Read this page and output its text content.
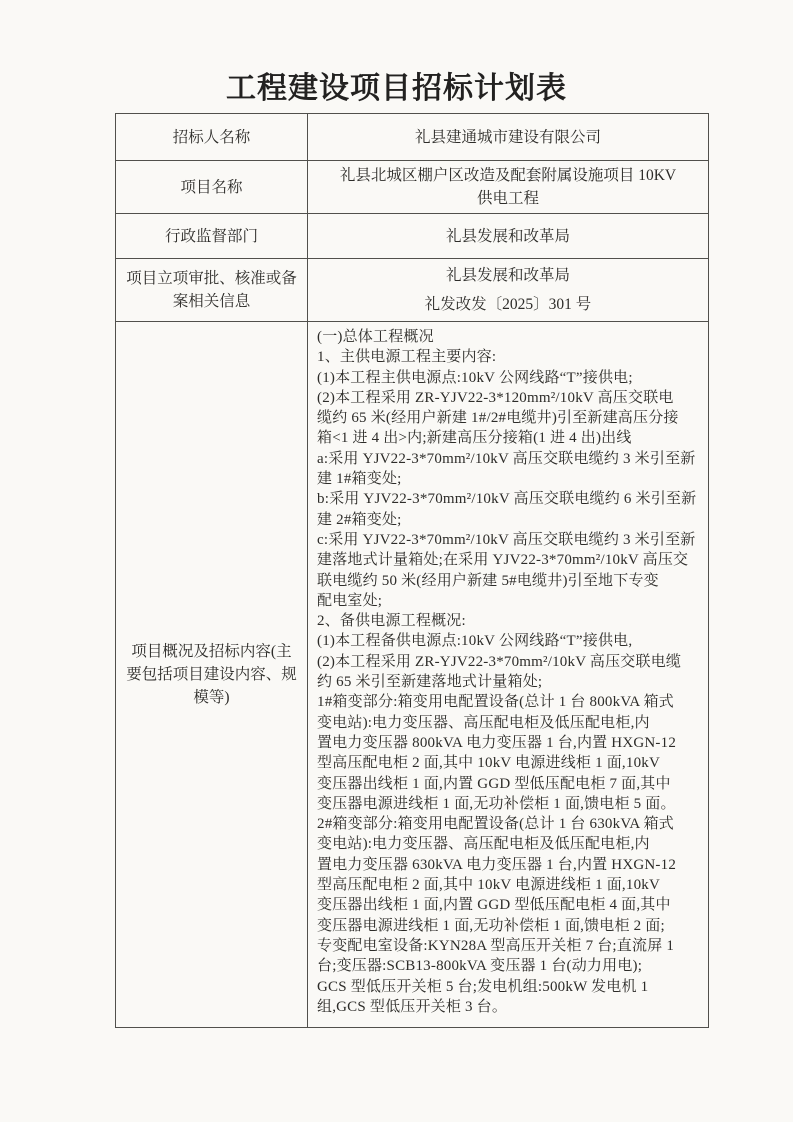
工程建设项目招标计划表
招标人名称	礼县建通城市建设有限公司
项目名称
礼县北城区棚户区改造及配套附属设施项目 10KV
供电工程
行政监督部门	礼县发展和改革局
项目立项审批、核准或备
案相关信息
礼县发展和改革局
礼发改发〔2025〕301 号
项目概况及招标内容(主
要包括项目建设内容、规
模等)
(一)总体工程概况
1、主供电源工程主要内容:
(1)本工程主供电源点:10kV 公网线路“T”接供电;
(2)本工程采用 ZR-YJV22-3*120mm²/10kV 高压交联电
缆约 65 米(经用户新建 1#/2#电缆井)引至新建高压分接
箱<1 进 4 出>内;新建高压分接箱(1 进 4 出)出线
a:采用 YJV22-3*70mm²/10kV 高压交联电缆约 3 米引至新
建 1#箱变处;
b:采用 YJV22-3*70mm²/10kV 高压交联电缆约 6 米引至新
建 2#箱变处;
c:采用 YJV22-3*70mm²/10kV 高压交联电缆约 3 米引至新
建落地式计量箱处;在采用 YJV22-3*70mm²/10kV 高压交
联电缆约 50 米(经用户新建 5#电缆井)引至地下专变
配电室处;
2、备供电源工程概况:
(1)本工程备供电源点:10kV 公网线路“T”接供电,
(2)本工程采用 ZR-YJV22-3*70mm²/10kV 高压交联电缆
约 65 米引至新建落地式计量箱处;
1#箱变部分:箱变用电配置设备(总计 1 台 800kVA 箱式
变电站):电力变压器、高压配电柜及低压配电柜,内
置电力变压器 800kVA 电力变压器 1 台,内置 HXGN-12
型高压配电柜 2 面,其中 10kV 电源进线柜 1 面,10kV
变压器出线柜 1 面,内置 GGD 型低压配电柜 7 面,其中
变压器电源进线柜 1 面,无功补偿柜 1 面,馈电柜 5 面。
2#箱变部分:箱变用电配置设备(总计 1 台 630kVA 箱式
变电站):电力变压器、高压配电柜及低压配电柜,内
置电力变压器 630kVA 电力变压器 1 台,内置 HXGN-12
型高压配电柜 2 面,其中 10kV 电源进线柜 1 面,10kV
变压器出线柜 1 面,内置 GGD 型低压配电柜 4 面,其中
变压器电源进线柜 1 面,无功补偿柜 1 面,馈电柜 2 面;
专变配电室设备:KYN28A 型高压开关柜 7 台;直流屏 1
台;变压器:SCB13-800kVA 变压器 1 台(动力用电);
GCS 型低压开关柜 5 台;发电机组:500kW 发电机 1
组,GCS 型低压开关柜 3 台。
